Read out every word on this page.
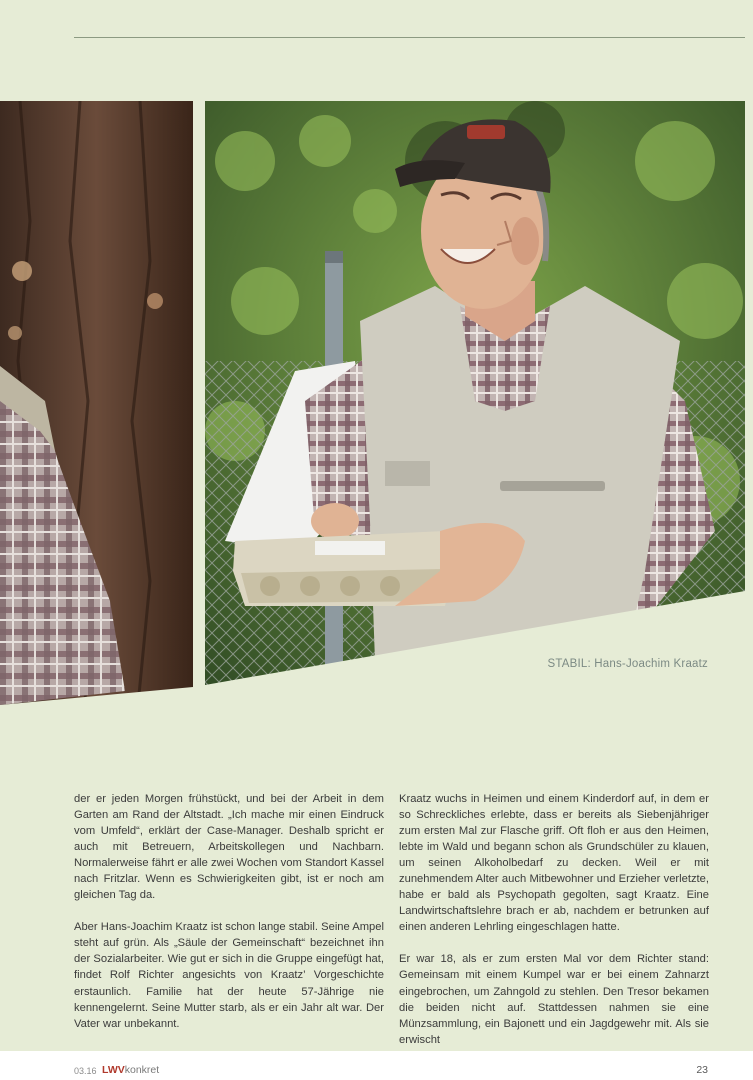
STABIL: Hans-Joachim Kraatz

der er jeden Morgen frühstückt, und bei der Arbeit in dem Garten am Rand der Altstadt. „Ich mache mir einen Eindruck vom Umfeld“, erklärt der Case-Manager. Deshalb spricht er auch mit Betreuern, Arbeitskollegen und Nachbarn. Normalerweise fährt er alle zwei Wochen vom Standort Kassel nach Fritzlar. Wenn es Schwierigkeiten gibt, ist er noch am gleichen Tag da.

Aber Hans-Joachim Kraatz ist schon lange stabil. Seine Ampel steht auf grün. Als „Säule der Gemeinschaft“ bezeichnet ihn der Sozialarbeiter. Wie gut er sich in die Gruppe eingefügt hat, findet Rolf Richter angesichts von Kraatz’ Vorgeschichte erstaunlich. Familie hat der heute 57-Jährige nie kennengelernt. Seine Mutter starb, als er ein Jahr alt war. Der Vater war unbekannt.

Kraatz wuchs in Heimen und einem Kinderdorf auf, in dem er so Schreckliches erlebte, dass er bereits als Siebenjähriger zum ersten Mal zur Flasche griff. Oft floh er aus den Heimen, lebte im Wald und begann schon als Grundschüler zu klauen, um seinen Alkoholbedarf zu decken. Weil er mit zunehmendem Alter auch Mitbewohner und Erzieher verletzte, habe er bald als Psychopath gegolten, sagt Kraatz. Eine Landwirtschaftslehre brach er ab, nachdem er betrunken auf einen anderen Lehrling eingeschlagen hatte.

Er war 18, als er zum ersten Mal vor dem Richter stand: Gemeinsam mit einem Kumpel war er bei einem Zahnarzt eingebrochen, um Zahngold zu stehlen. Den Tresor bekamen die beiden nicht auf. Stattdessen nahmen sie eine Münzsammlung, ein Bajonett und ein Jagdgewehr mit. Als sie erwischt

03.16 LWVkonkret	23
